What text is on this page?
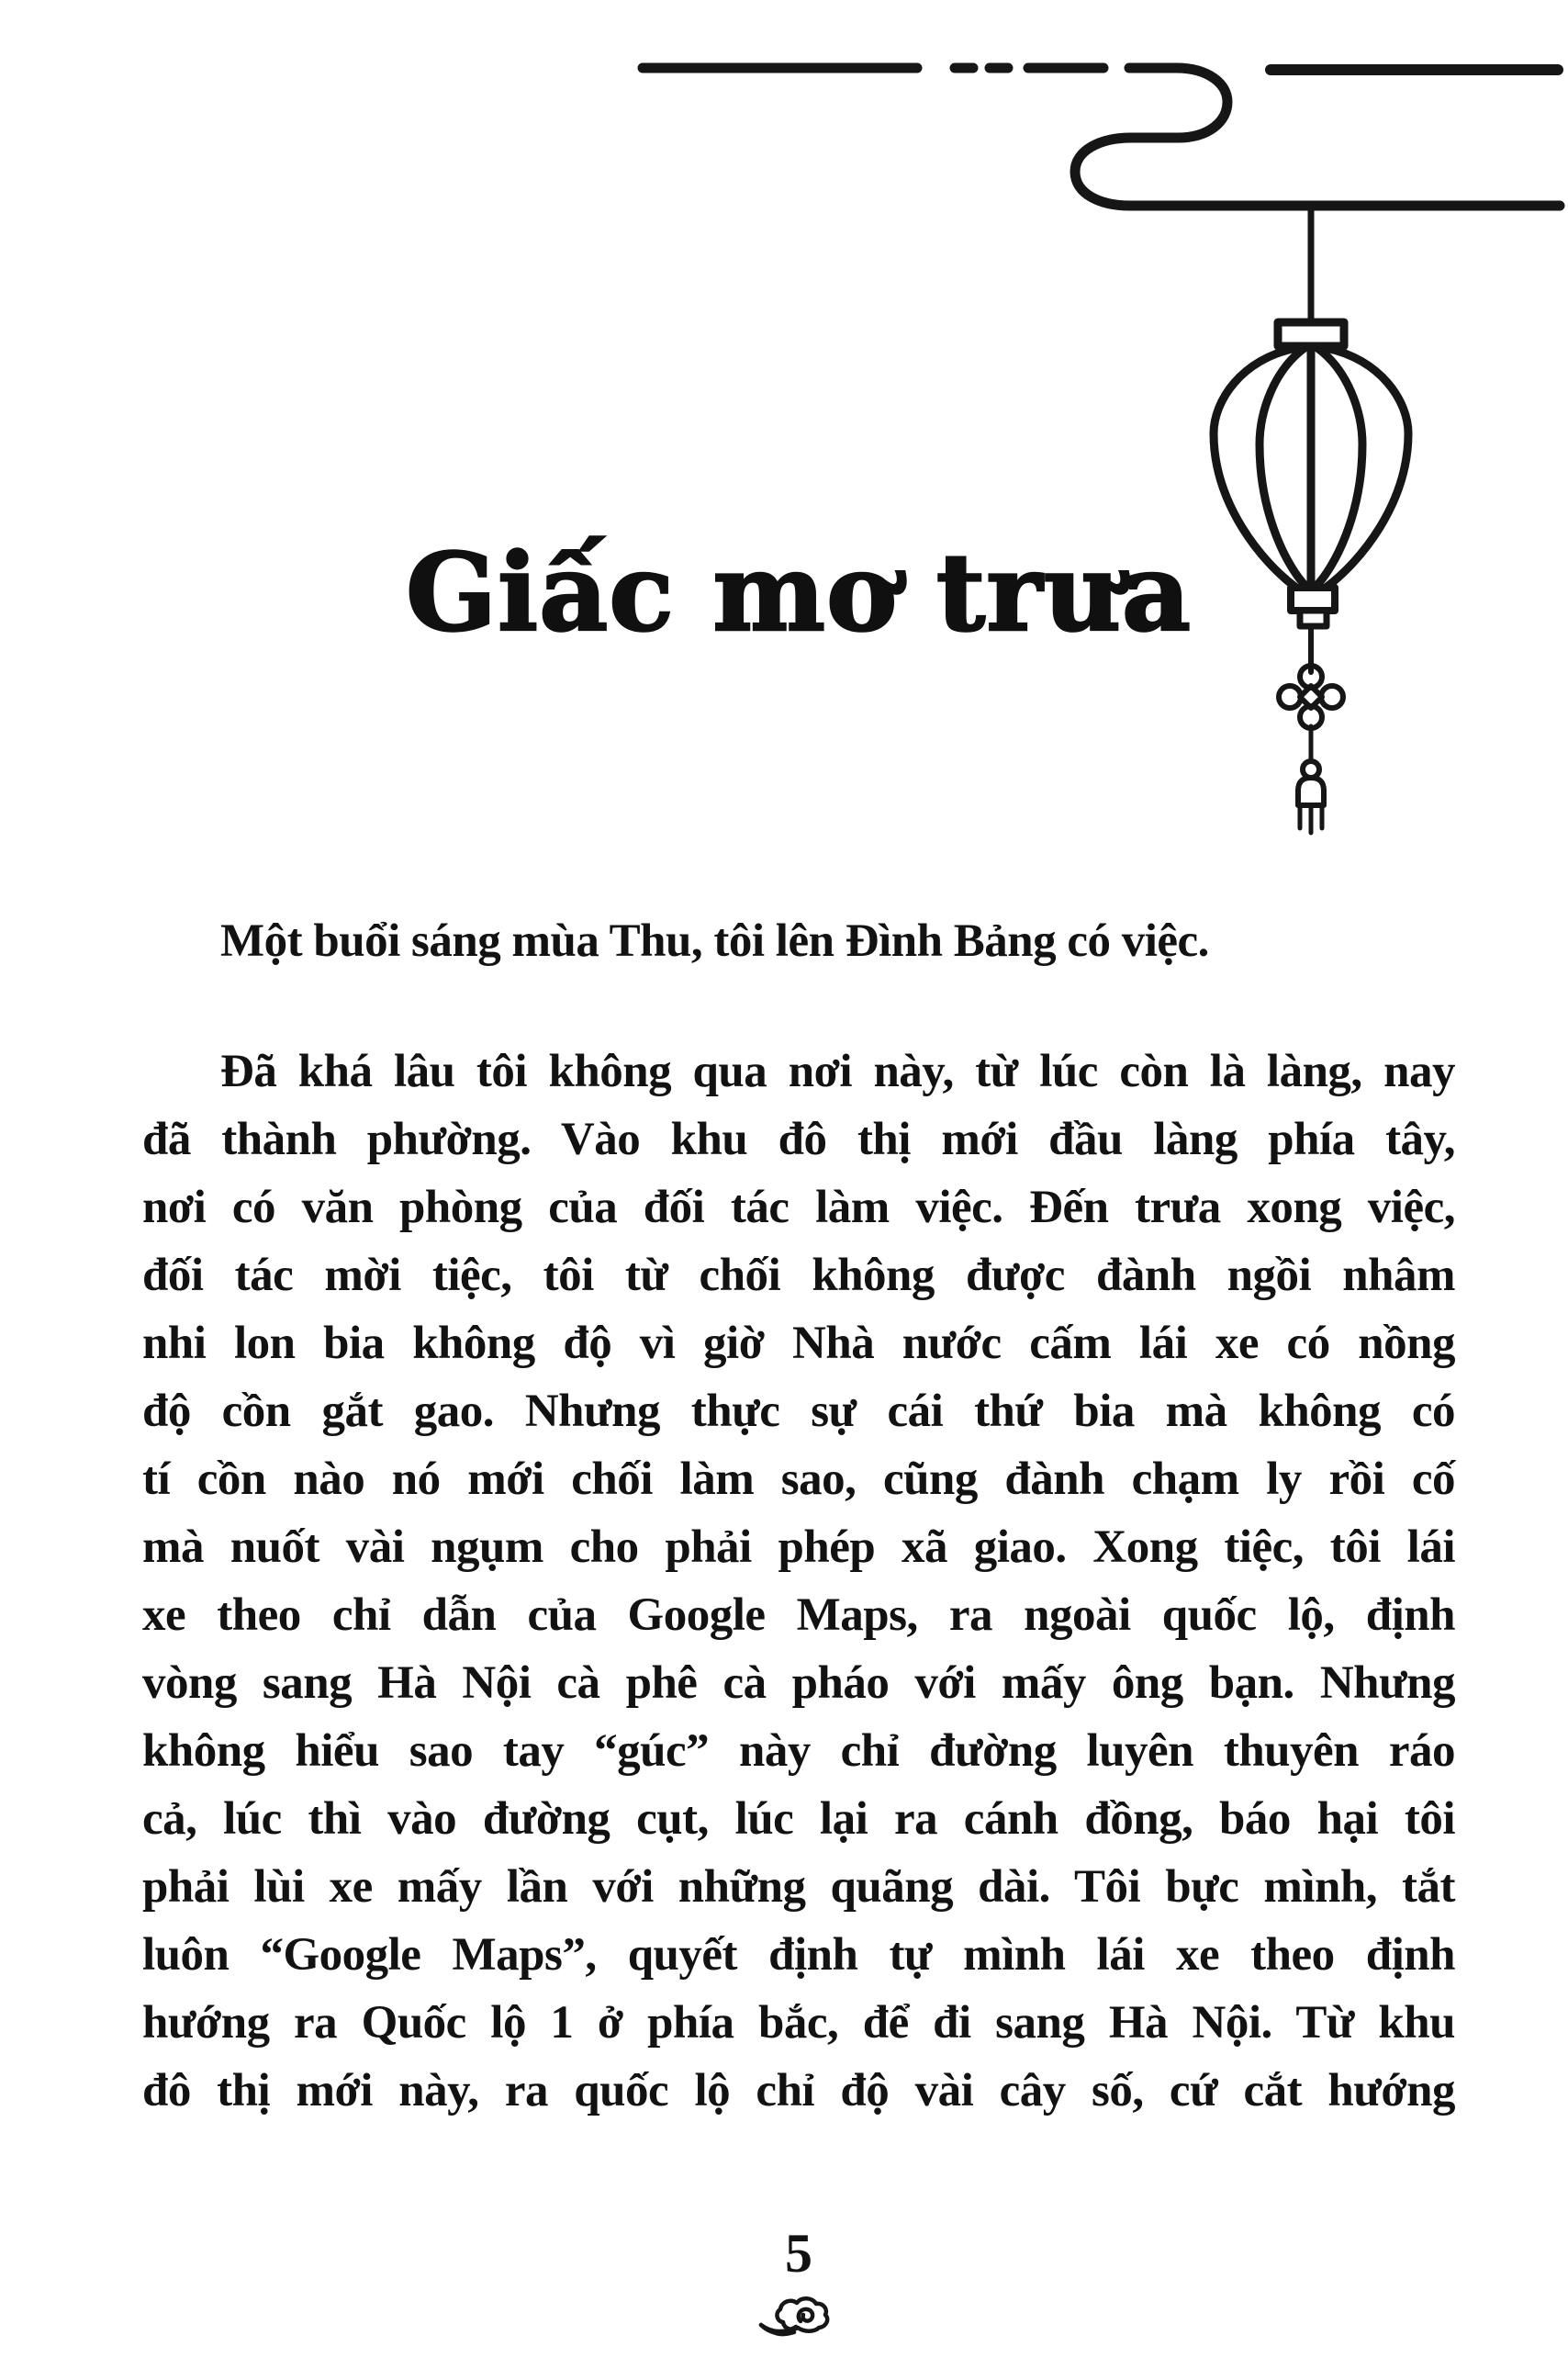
Giấc mơ trưa

Một buổi sáng mùa Thu, tôi lên Đình Bảng có việc.

Đã khá lâu tôi không qua nơi này, từ lúc còn là làng, nay
đã thành phường. Vào khu đô thị mới đầu làng phía tây,
nơi có văn phòng của đối tác làm việc. Đến trưa xong việc,
đối tác mời tiệc, tôi từ chối không được đành ngồi nhâm
nhi lon bia không độ vì giờ Nhà nước cấm lái xe có nồng
độ cồn gắt gao. Nhưng thực sự cái thứ bia mà không có
tí cồn nào nó mới chối làm sao, cũng đành chạm ly rồi cố
mà nuốt vài ngụm cho phải phép xã giao. Xong tiệc, tôi lái
xe theo chỉ dẫn của Google Maps, ra ngoài quốc lộ, định
vòng sang Hà Nội cà phê cà pháo với mấy ông bạn. Nhưng
không hiểu sao tay “gúc” này chỉ đường luyên thuyên ráo
cả, lúc thì vào đường cụt, lúc lại ra cánh đồng, báo hại tôi
phải lùi xe mấy lần với những quãng dài. Tôi bực mình, tắt
luôn “Google Maps”, quyết định tự mình lái xe theo định
hướng ra Quốc lộ 1 ở phía bắc, để đi sang Hà Nội. Từ khu
đô thị mới này, ra quốc lộ chỉ độ vài cây số, cứ cắt hướng
5
